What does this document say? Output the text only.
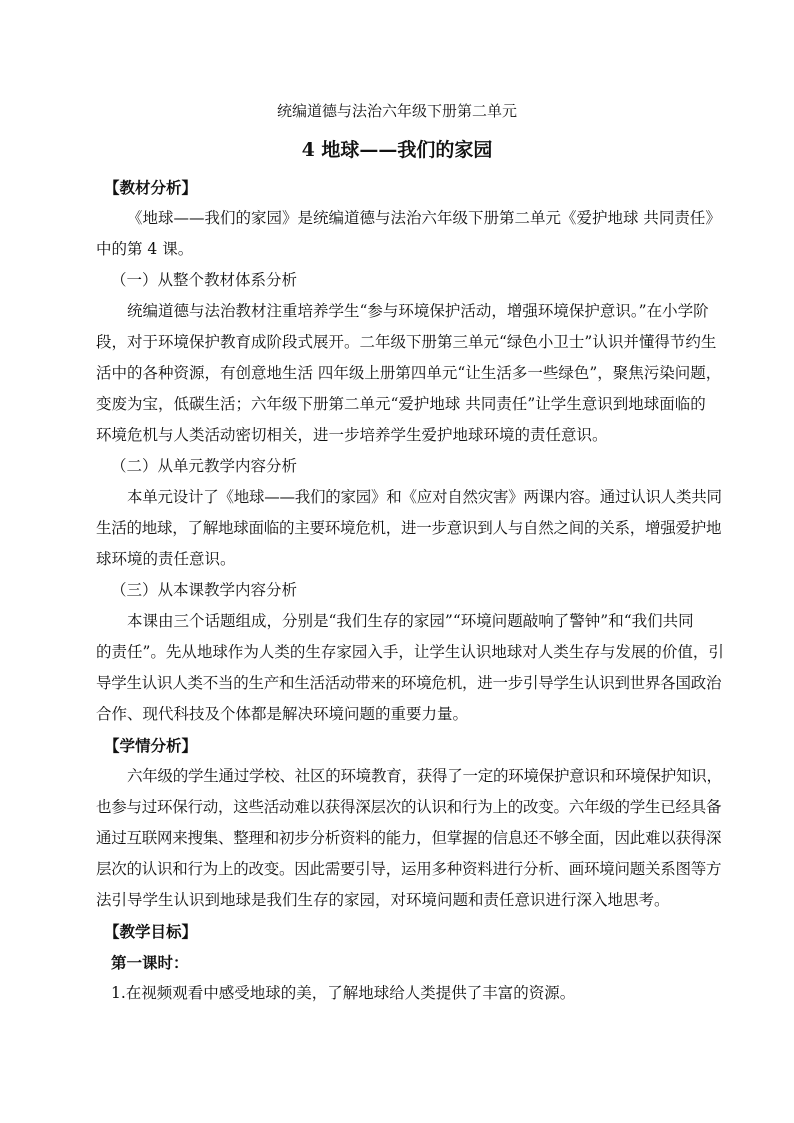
统编道德与法治六年级下册第二单元
4 地球——我们的家园
【教材分析】
《地球——我们的家园》是统编道德与法治六年级下册第二单元《爱护地球 共同责任》
中的第 4 课。
（一）从整个教材体系分析
统编道德与法治教材注重培养学生“参与环境保护活动，增强环境保护意识。”在小学阶
段，对于环境保护教育成阶段式展开。二年级下册第三单元“绿色小卫士”认识并懂得节约生
活中的各种资源，有创意地生活 四年级上册第四单元“让生活多一些绿色”，聚焦污染问题，
变废为宝，低碳生活；六年级下册第二单元“爱护地球 共同责任”让学生意识到地球面临的
环境危机与人类活动密切相关，进一步培养学生爱护地球环境的责任意识。
（二）从单元教学内容分析
本单元设计了《地球——我们的家园》和《应对自然灾害》两课内容。通过认识人类共同
生活的地球，了解地球面临的主要环境危机，进一步意识到人与自然之间的关系，增强爱护地
球环境的责任意识。
（三）从本课教学内容分析
本课由三个话题组成，分别是“我们生存的家园”“环境问题敲响了警钟”和“我们共同
的责任”。先从地球作为人类的生存家园入手，让学生认识地球对人类生存与发展的价值，引
导学生认识人类不当的生产和生活活动带来的环境危机，进一步引导学生认识到世界各国政治
合作、现代科技及个体都是解决环境问题的重要力量。
【学情分析】
六年级的学生通过学校、社区的环境教育，获得了一定的环境保护意识和环境保护知识，
也参与过环保行动，这些活动难以获得深层次的认识和行为上的改变。六年级的学生已经具备
通过互联网来搜集、整理和初步分析资料的能力，但掌握的信息还不够全面，因此难以获得深
层次的认识和行为上的改变。因此需要引导，运用多种资料进行分析、画环境问题关系图等方
法引导学生认识到地球是我们生存的家园，对环境问题和责任意识进行深入地思考。
【教学目标】
第一课时：
1.在视频观看中感受地球的美，了解地球给人类提供了丰富的资源。
